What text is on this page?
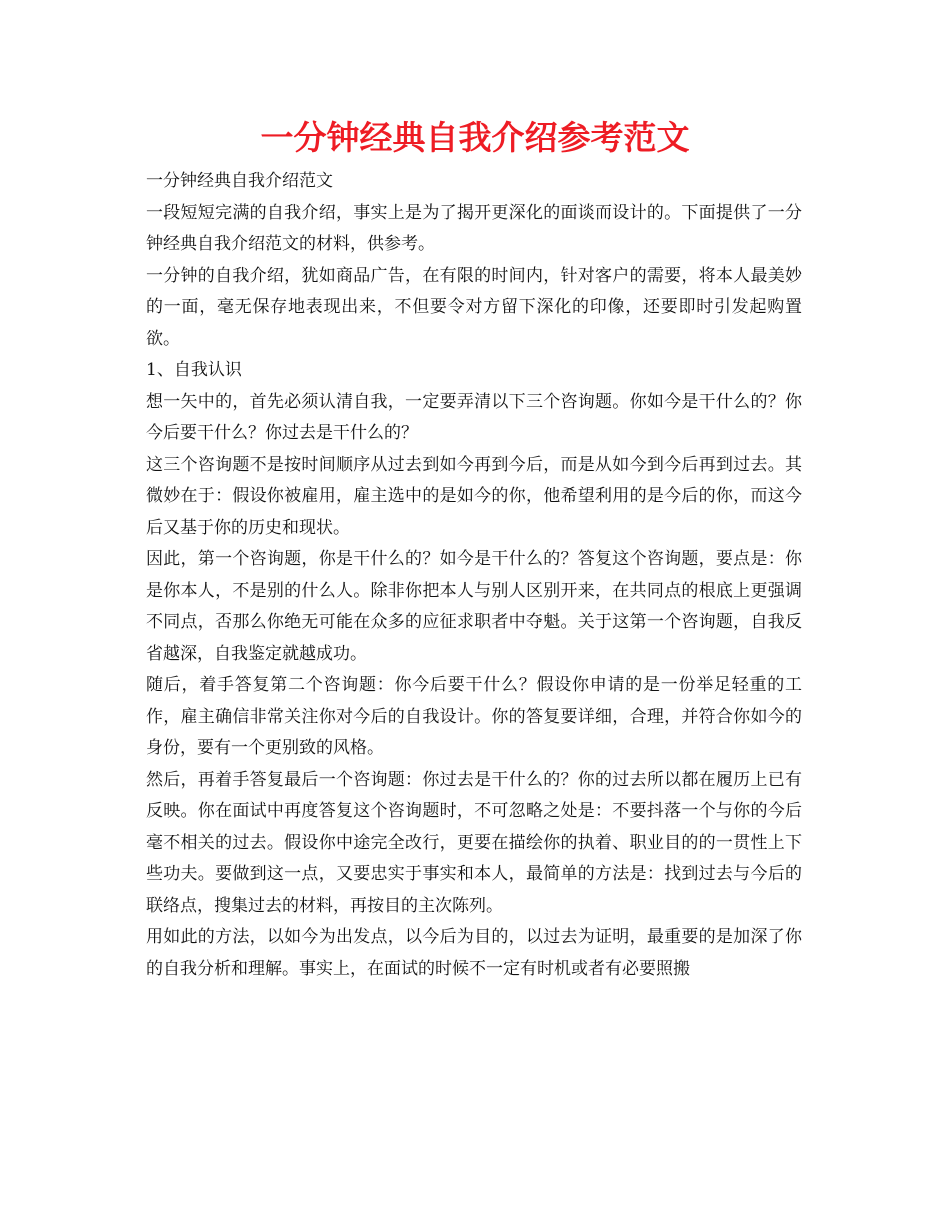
一分钟经典自我介绍参考范文

一分钟经典自我介绍范文

一段短短完满的自我介绍，事实上是为了揭开更深化的面谈而设计的。下面提供了一分钟经典自我介绍范文的材料，供参考。

一分钟的自我介绍，犹如商品广告，在有限的时间内，针对客户的需要，将本人最美妙的一面，毫无保存地表现出来，不但要令对方留下深化的印像，还要即时引发起购置欲。

1、自我认识

想一矢中的，首先必须认清自我，一定要弄清以下三个咨询题。你如今是干什么的？你今后要干什么？你过去是干什么的？

这三个咨询题不是按时间顺序从过去到如今再到今后，而是从如今到今后再到过去。其微妙在于：假设你被雇用，雇主选中的是如今的你，他希望利用的是今后的你，而这今后又基于你的历史和现状。

因此，第一个咨询题，你是干什么的？如今是干什么的？答复这个咨询题，要点是：你是你本人，不是别的什么人。除非你把本人与别人区别开来，在共同点的根底上更强调不同点，否那么你绝无可能在众多的应征求职者中夺魁。关于这第一个咨询题，自我反省越深，自我鉴定就越成功。

随后，着手答复第二个咨询题：你今后要干什么？假设你申请的是一份举足轻重的工作，雇主确信非常关注你对今后的自我设计。你的答复要详细，合理，并符合你如今的身份，要有一个更别致的风格。

然后，再着手答复最后一个咨询题：你过去是干什么的？你的过去所以都在履历上已有反映。你在面试中再度答复这个咨询题时，不可忽略之处是：不要抖落一个与你的今后毫不相关的过去。假设你中途完全改行，更要在描绘你的执着、职业目的的一贯性上下些功夫。要做到这一点，又要忠实于事实和本人，最简单的方法是：找到过去与今后的联络点，搜集过去的材料，再按目的主次陈列。

用如此的方法，以如今为出发点，以今后为目的，以过去为证明，最重要的是加深了你的自我分析和理解。事实上，在面试的时候不一定有时机或者有必要照搬
